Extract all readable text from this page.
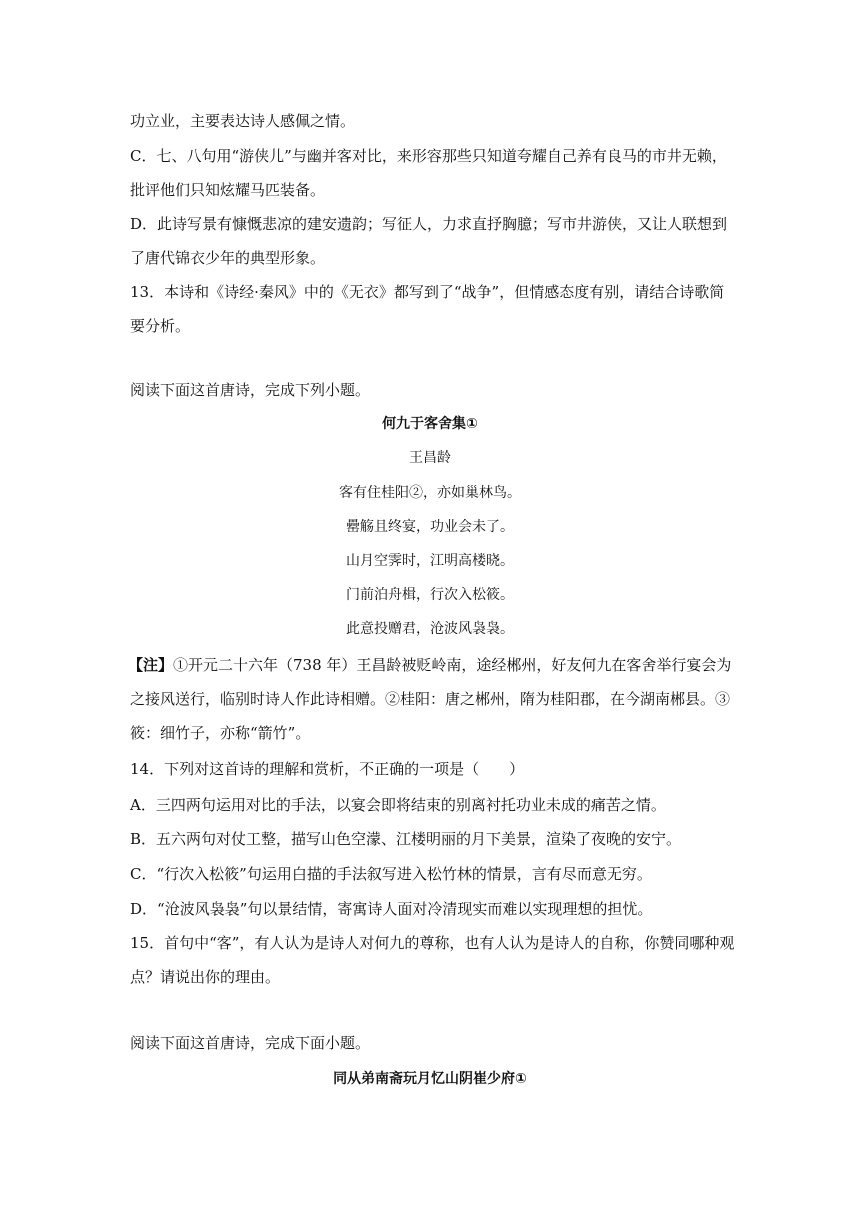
功立业，主要表达诗人感佩之情。
C．七、八句用“游侠儿”与幽并客对比，来形容那些只知道夸耀自己养有良马的市井无赖，
批评他们只知炫耀马匹装备。
D．此诗写景有慷慨悲凉的建安遗韵；写征人，力求直抒胸臆；写市井游侠，又让人联想到
了唐代锦衣少年的典型形象。
13．本诗和《诗经·秦风》中的《无衣》都写到了“战争”，但情感态度有别，请结合诗歌简
要分析。
阅读下面这首唐诗，完成下列小题。
何九于客舍集①
王昌龄
客有住桂阳②，亦如巢林鸟。
罍觞且终宴，功业会未了。
山月空霁时，江明高楼晓。
门前泊舟楫，行次入松筱。
此意投赠君，沧波风袅袅。
【注】①开元二十六年（738 年）王昌龄被贬岭南，途经郴州，好友何九在客舍举行宴会为
之接风送行，临别时诗人作此诗相赠。②桂阳：唐之郴州，隋为桂阳郡，在今湖南郴县。③
筱：细竹子，亦称“箭竹”。
14．下列对这首诗的理解和赏析，不正确的一项是（　　）
A．三四两句运用对比的手法，以宴会即将结束的别离衬托功业未成的痛苦之情。
B．五六两句对仗工整，描写山色空濛、江楼明丽的月下美景，渲染了夜晚的安宁。
C．“行次入松筱”句运用白描的手法叙写进入松竹林的情景，言有尽而意无穷。
D．“沧波风袅袅”句以景结情，寄寓诗人面对冷清现实而难以实现理想的担忧。
15．首句中“客”，有人认为是诗人对何九的尊称，也有人认为是诗人的自称，你赞同哪种观
点？请说出你的理由。
阅读下面这首唐诗，完成下面小题。
同从弟南斋玩月忆山阴崔少府①
